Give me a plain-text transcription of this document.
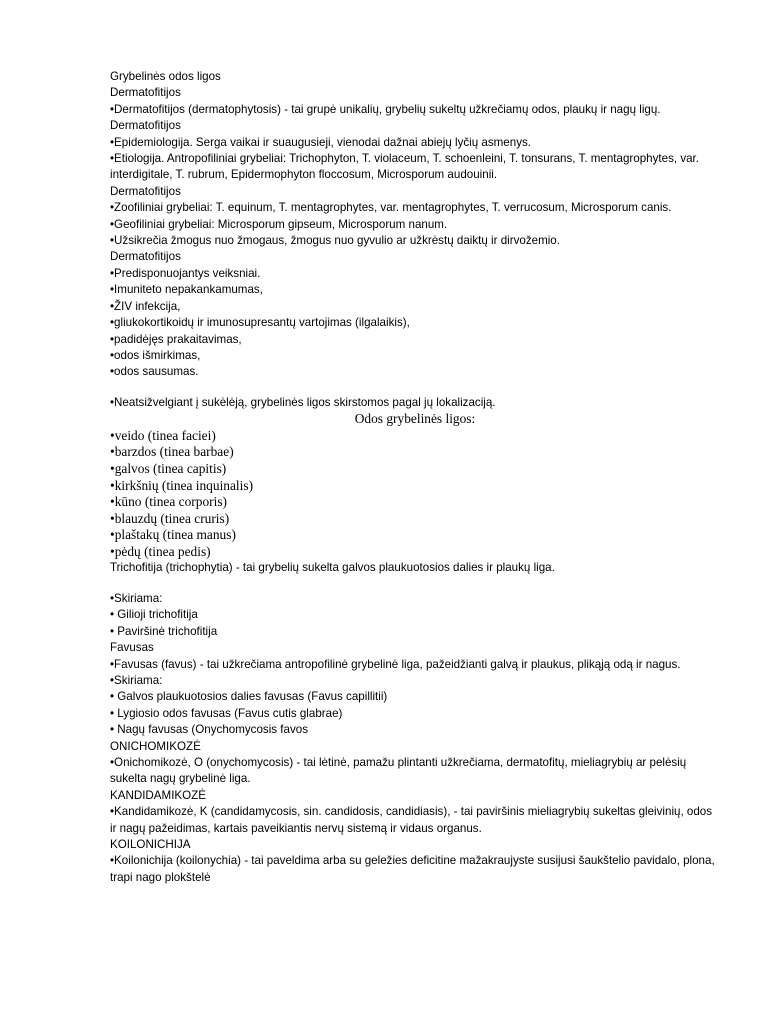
Grybelinės odos ligos
Dermatofitijos
•Dermatofitijos (dermatophytosis) - tai grupė unikalių, grybelių sukeltų užkrečiamų odos, plaukų ir nagų ligų.
Dermatofitijos
•Epidemiologija. Serga vaikai ir suaugusieji, vienodai dažnai abiejų lyčių asmenys.
•Etiologija. Antropofiliniai grybeliai: Trichophyton, T. violaceum, T. schoenleini, T. tonsurans, T. mentagrophytes, var. interdigitale, T. rubrum, Epidermophyton floccosum, Microsporum audouinii.
Dermatofitijos
•Zoofiliniai grybeliai: T. equinum, T. mentagrophytes, var. mentagrophytes, T. verrucosum, Microsporum canis.
•Geofiliniai grybeliai: Microsporum gipseum, Microsporum nanum.
•Užsikrečia žmogus nuo žmogaus, žmogus nuo gyvulio ar užkrėstų daiktų ir dirvožemio.
Dermatofitijos
•Predisponuojantys veiksniai.
•Imuniteto nepakankamumas,
•ŽIV infekcija,
•gliukokortikoidų ir imunosupresantų vartojimas (ilgalaikis),
•padidėjęs prakaitavimas,
•odos išmirkimas,
•odos sausumas.
•Neatsižvelgiant į sukėlėją, grybelinės ligos skirstomos pagal jų lokalizaciją.
Odos grybelinės ligos:
•veido (tinea faciei)
•barzdos (tinea barbae)
•galvos (tinea capitis)
•kirkšnių (tinea inquinalis)
•kūno (tinea corporis)
•blauzdų (tinea cruris)
•plaštakų (tinea manus)
•pėdų (tinea pedis)
Trichofitija (trichophytia) - tai grybelių sukelta galvos plaukuotosios dalies ir plaukų liga.
•Skiriama:
• Gilioji trichofitija
• Paviršinė trichofitija
Favusas
•Favusas (favus) - tai užkrečiama antropofilinė grybelinė liga, pažeidžianti galvą ir plaukus, plikąją odą ir nagus.
•Skiriama:
• Galvos plaukuotosios dalies favusas (Favus capillitii)
• Lygiosio odos favusas (Favus cutis glabrae)
• Nagų favusas (Onychomycosis favos
ONICHOMIKOZĖ
•Onichomikozė, O (onychomycosis) - tai lėtinė, pamažu plintanti užkrečiama, dermatofitų, mieliagrybių ar pelėsių sukelta nagų grybelinė liga.
KANDIDAMIKOZĖ
•Kandidamikozė, K (candidamycosis, sin. candidosis, candidiasis), - tai paviršinis mieliagrybių sukeltas gleivinių, odos ir nagų pažeidimas, kartais paveikiantis nervų sistemą ir vidaus organus.
KOILONICHIJA
•Koilonichija (koilonychia) - tai paveldima arba su geležies deficitine mažakraujyste susijusi šaukštelio pavidalo, plona, trapi nago plokštelė
